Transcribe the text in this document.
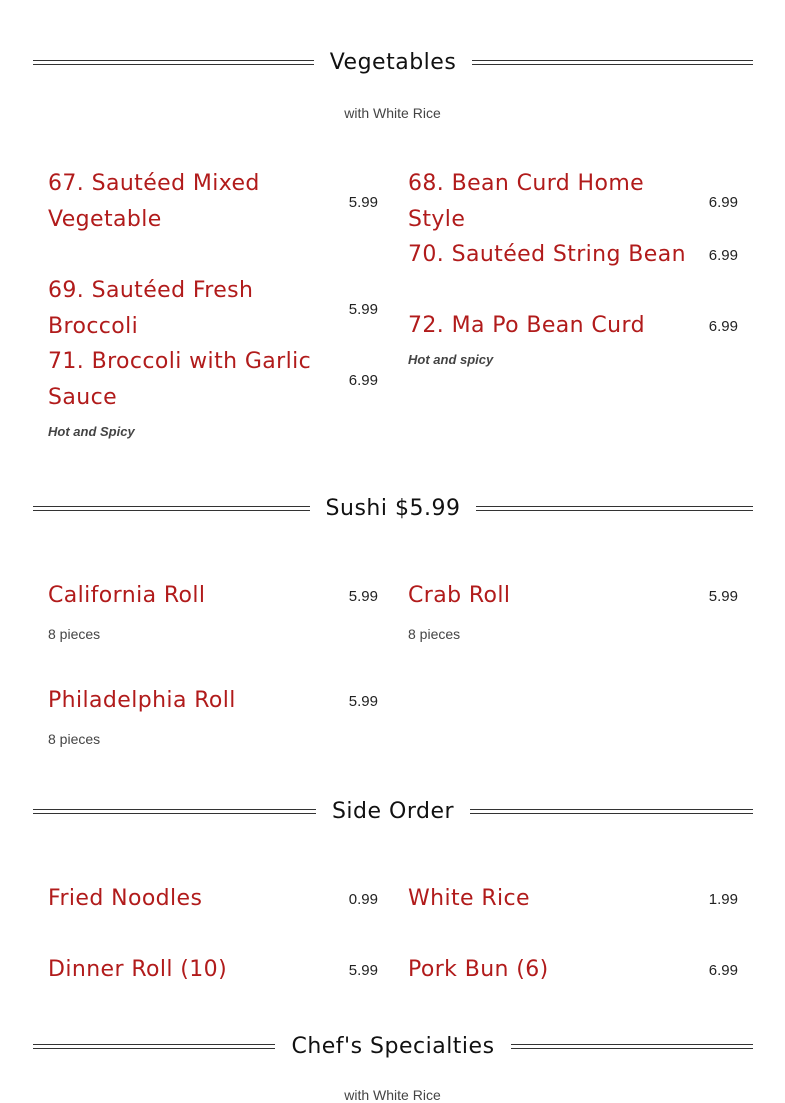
Vegetables
with White Rice
67. Sautéed Mixed Vegetable
5.99
68. Bean Curd Home Style
6.99
69. Sautéed Fresh Broccoli
5.99
70. Sautéed String Bean	6.99
71. Broccoli with Garlic Sauce
6.99
Hot and Spicy
72. Ma Po Bean Curd	6.99
Hot and spicy
Sushi $5.99
California Roll	5.99
8 pieces
Crab Roll	5.99
8 pieces
Philadelphia Roll	5.99
8 pieces
Side Order
Fried Noodles	0.99 White Rice	1.99
Dinner Roll (10)	5.99 Pork Bun (6)	6.99
Chef's Specialties
with White Rice
